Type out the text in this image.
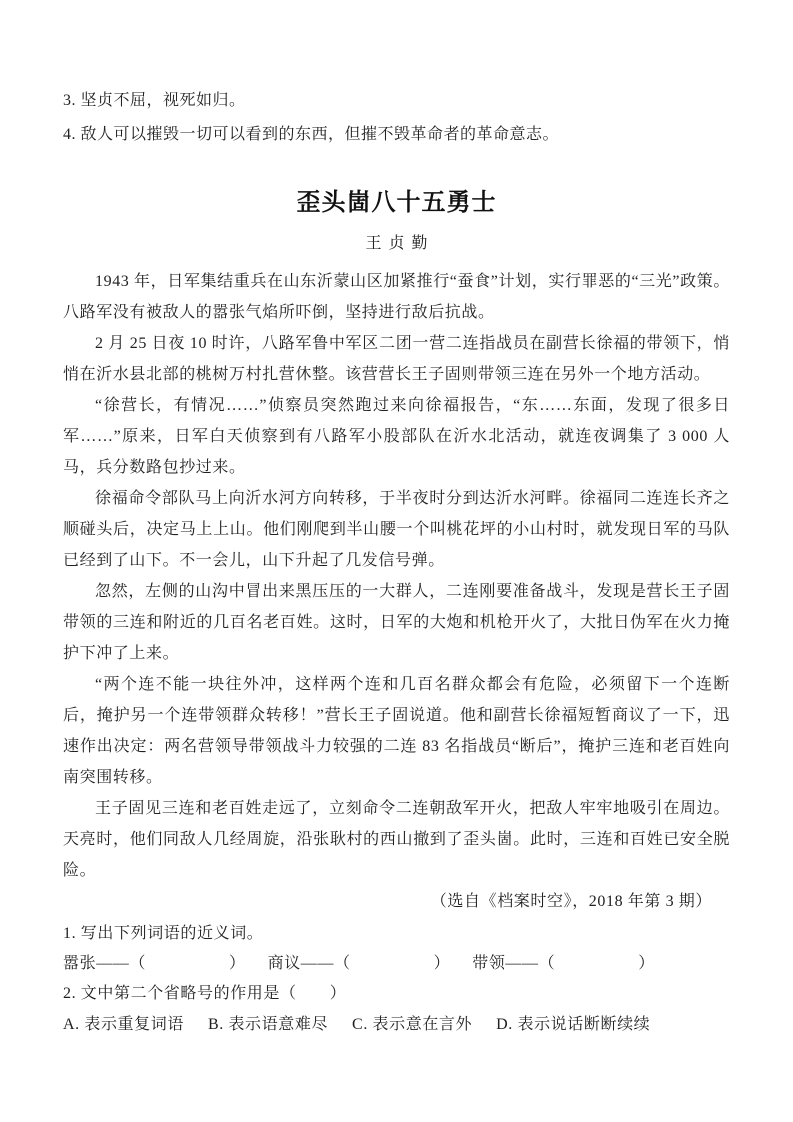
3. 坚贞不屈，视死如归。
4. 敌人可以摧毁一切可以看到的东西，但摧不毁革命者的革命意志。
歪头崮八十五勇士
王贞勤

1943 年，日军集结重兵在山东沂蒙山区加紧推行“蚕食”计划，实行罪恶的“三光”政策。八路军没有被敌人的嚣张气焰所吓倒，坚持进行敌后抗战。

2 月 25 日夜 10 时许，八路军鲁中军区二团一营二连指战员在副营长徐福的带领下，悄悄在沂水县北部的桃树万村扎营休整。该营营长王子固则带领三连在另外一个地方活动。

“徐营长，有情况……”侦察员突然跑过来向徐福报告，“东……东面，发现了很多日军……”原来，日军白天侦察到有八路军小股部队在沂水北活动，就连夜调集了 3 000 人马，兵分数路包抄过来。

徐福命令部队马上向沂水河方向转移，于半夜时分到达沂水河畔。徐福同二连连长齐之顺碰头后，决定马上上山。他们刚爬到半山腰一个叫桃花坪的小山村时，就发现日军的马队已经到了山下。不一会儿，山下升起了几发信号弹。

忽然，左侧的山沟中冒出来黑压压的一大群人，二连刚要准备战斗，发现是营长王子固带领的三连和附近的几百名老百姓。这时，日军的大炮和机枪开火了，大批日伪军在火力掩护下冲了上来。

“两个连不能一块往外冲，这样两个连和几百名群众都会有危险，必须留下一个连断后，掩护另一个连带领群众转移！”营长王子固说道。他和副营长徐福短暂商议了一下，迅速作出决定：两名营领导带领战斗力较强的二连 83 名指战员“断后”，掩护三连和老百姓向南突围转移。

王子固见三连和老百姓走远了，立刻命令二连朝敌军开火，把敌人牢牢地吸引在周边。天亮时，他们同敌人几经周旋，沿张耿村的西山撤到了歪头崮。此时，三连和百姓已安全脱险。

（选自《档案时空》，2018 年第 3 期）

1. 写出下列词语的近义词。

嚣张——（　　　　　） 商议——（　　　　　） 带领——（　　　　　）

2. 文中第二个省略号的作用是（　　）

A. 表示重复词语 B. 表示语意难尽 C. 表示意在言外 D. 表示说话断断续续
